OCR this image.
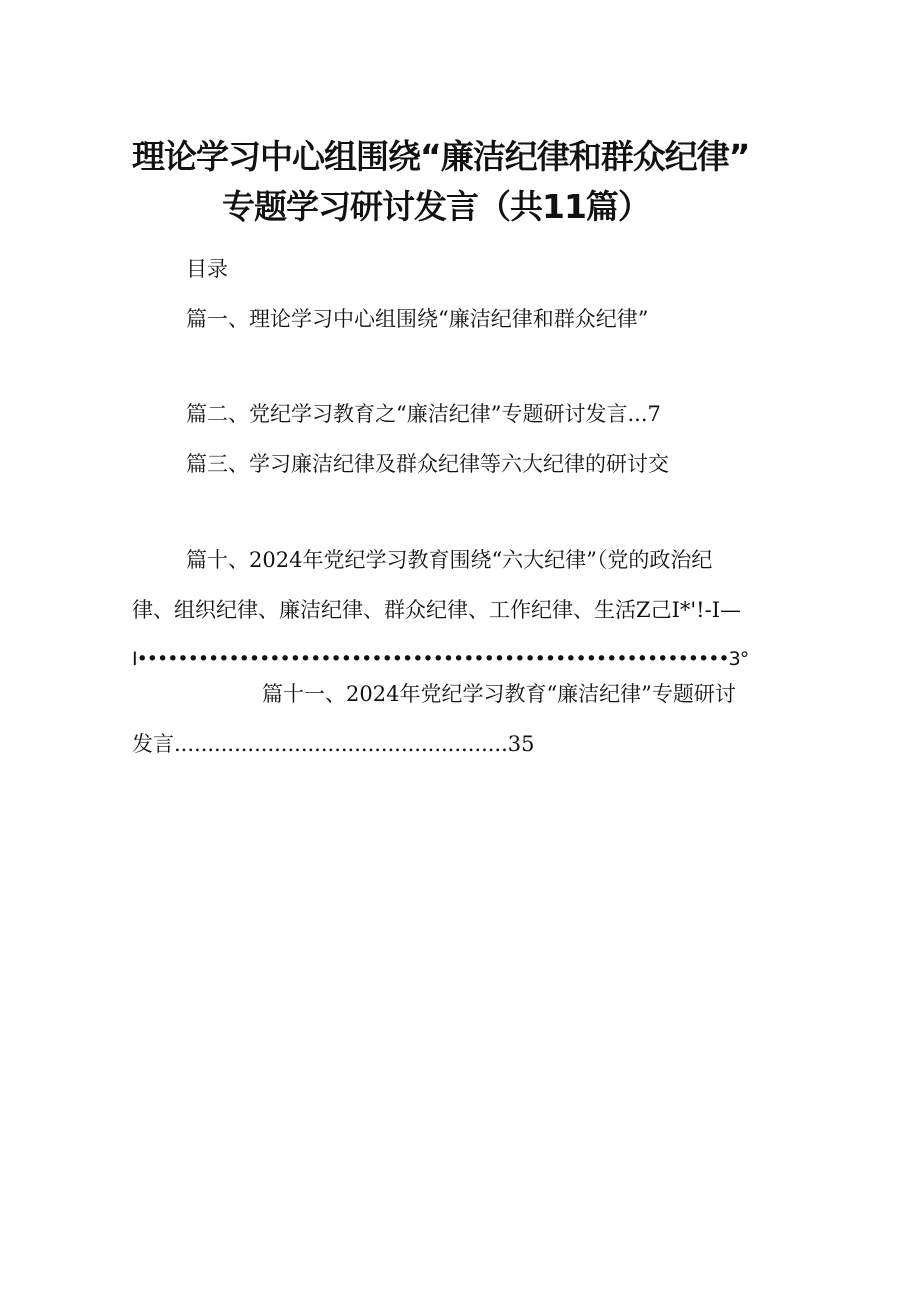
理论学习中心组围绕“廉洁纪律和群众纪律”
专题学习研讨发言（共11篇）
目录
篇一、理论学习中心组围绕“廉洁纪律和群众纪律”
篇二、党纪学习教育之“廉洁纪律”专题研讨发言...7
篇三、学习廉洁纪律及群众纪律等六大纪律的研讨交
篇十、2024年党纪学习教育围绕“六大纪律”（党的政治纪
律、组织纪律、廉洁纪律、群众纪律、工作纪律、生活Z己I*'!-I—
I••••••••••••••••••••••••••••••••••••••••••••••••••••••••••3°
篇十一、2024年党纪学习教育“廉洁纪律”专题研讨
发言..................................................35
